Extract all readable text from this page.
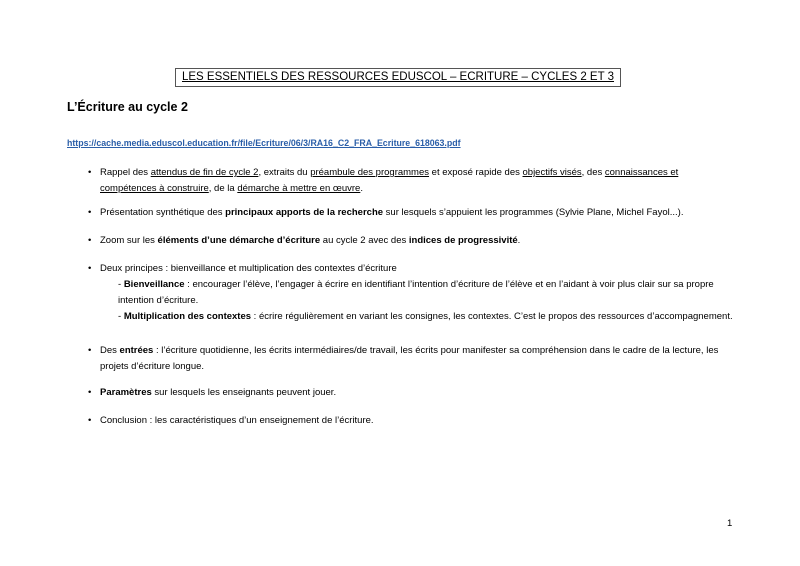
LES ESSENTIELS DES RESSOURCES EDUSCOL – ECRITURE – CYCLES 2 ET 3
L’Écriture au cycle 2
https://cache.media.eduscol.education.fr/file/Ecriture/06/3/RA16_C2_FRA_Ecriture_618063.pdf
• Rappel des attendus de fin de cycle 2, extraits du préambule des programmes et exposé rapide des objectifs visés, des connaissances et compétences à construire, de la démarche à mettre en œuvre.
• Présentation synthétique des principaux apports de la recherche sur lesquels s’appuient les programmes (Sylvie Plane, Michel Fayol...).
• Zoom sur les éléments d’une démarche d’écriture au cycle 2 avec des indices de progressivité.
• Deux principes : bienveillance et multiplication des contextes d’écriture
- Bienveillance : encourager l’élève, l’engager à écrire en identifiant l’intention d’écriture de l’élève et en l’aidant à voir plus clair sur sa propre intention d’écriture.
- Multiplication des contextes : écrire régulièrement en variant les consignes, les contextes. C’est le propos des ressources d’accompagnement.
• Des entrées : l’écriture quotidienne, les écrits intermédiaires/de travail, les écrits pour manifester sa compréhension dans le cadre de la lecture, les projets d’écriture longue.
• Paramètres sur lesquels les enseignants peuvent jouer.
• Conclusion : les caractéristiques d’un enseignement de l’écriture.
1
